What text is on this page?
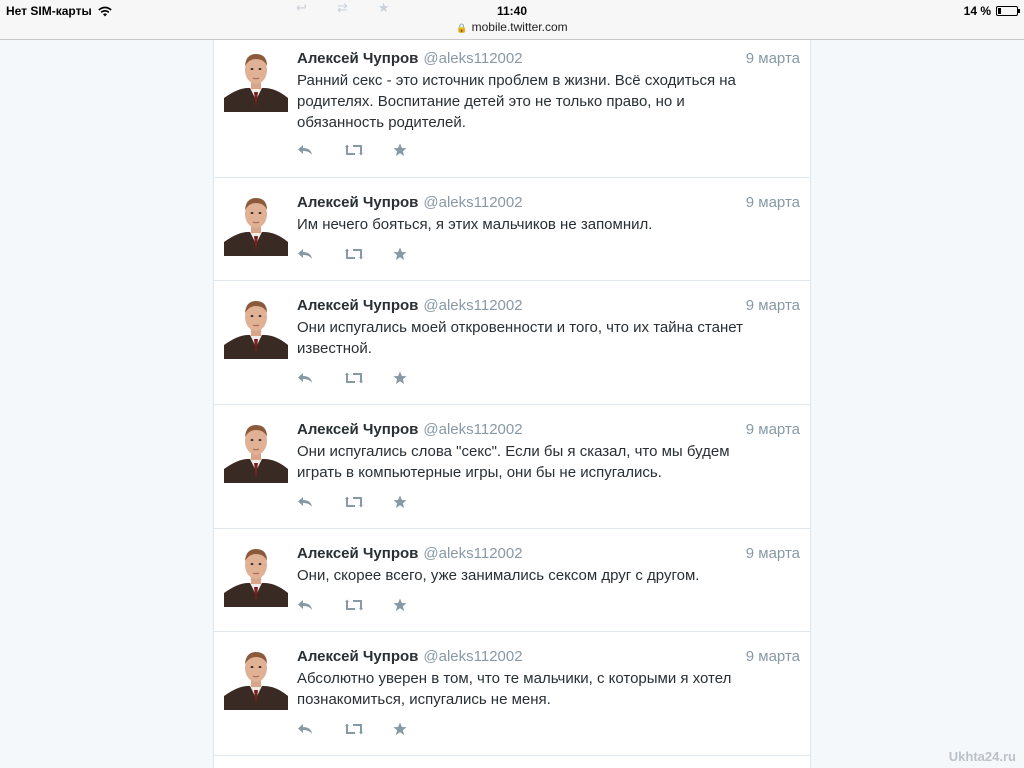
↩ ⇄ ★
Нет SIM-карты	11:40
🔒 mobile.twitter.com
14 %
Алексей Чупров @aleks112002	9 марта
Ранний секс - это источник проблем в жизни. Всё сходиться на
родителях. Воспитание детей это не только право, но и
обязанность родителей.
Алексей Чупров @aleks112002	9 марта
Им нечего бояться, я этих мальчиков не запомнил.
Алексей Чупров @aleks112002	9 марта
Они испугались моей откровенности и того, что их тайна станет
известной.
Алексей Чупров @aleks112002	9 марта
Они испугались слова "секс". Если бы я сказал, что мы будем
играть в компьютерные игры, они бы не испугались.
Алексей Чупров @aleks112002	9 марта
Они, скорее всего, уже занимались сексом друг с другом.
Алексей Чупров @aleks112002	9 марта
Абсолютно уверен в том, что те мальчики, с которыми я хотел
познакомиться, испугались не меня.
Ukhta24.ru
